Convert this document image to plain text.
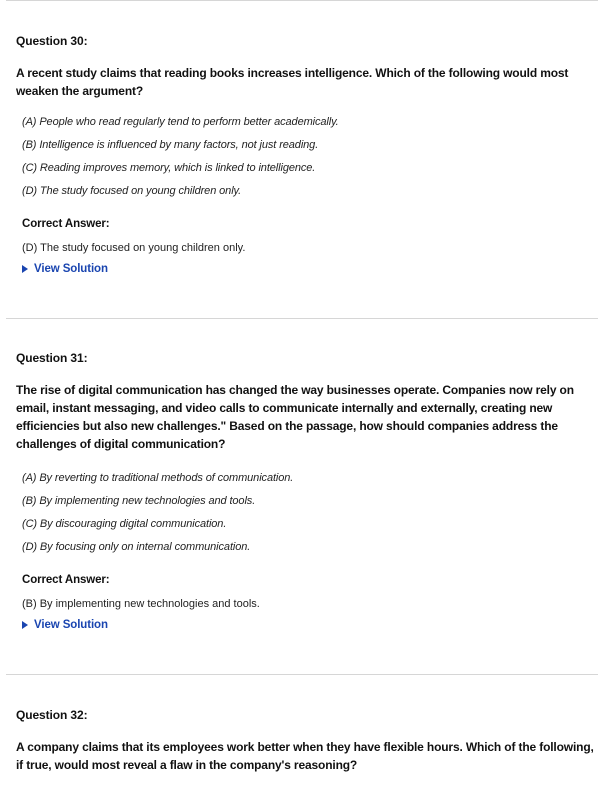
Question 30:
A recent study claims that reading books increases intelligence. Which of the following would most weaken the argument?
(A) People who read regularly tend to perform better academically.
(B) Intelligence is influenced by many factors, not just reading.
(C) Reading improves memory, which is linked to intelligence.
(D) The study focused on young children only.
Correct Answer:
(D) The study focused on young children only.
View Solution
Question 31:
The rise of digital communication has changed the way businesses operate. Companies now rely on email, instant messaging, and video calls to communicate internally and externally, creating new efficiencies but also new challenges." Based on the passage, how should companies address the challenges of digital communication?
(A) By reverting to traditional methods of communication.
(B) By implementing new technologies and tools.
(C) By discouraging digital communication.
(D) By focusing only on internal communication.
Correct Answer:
(B) By implementing new technologies and tools.
View Solution
Question 32:
A company claims that its employees work better when they have flexible hours. Which of the following, if true, would most reveal a flaw in the company's reasoning?
